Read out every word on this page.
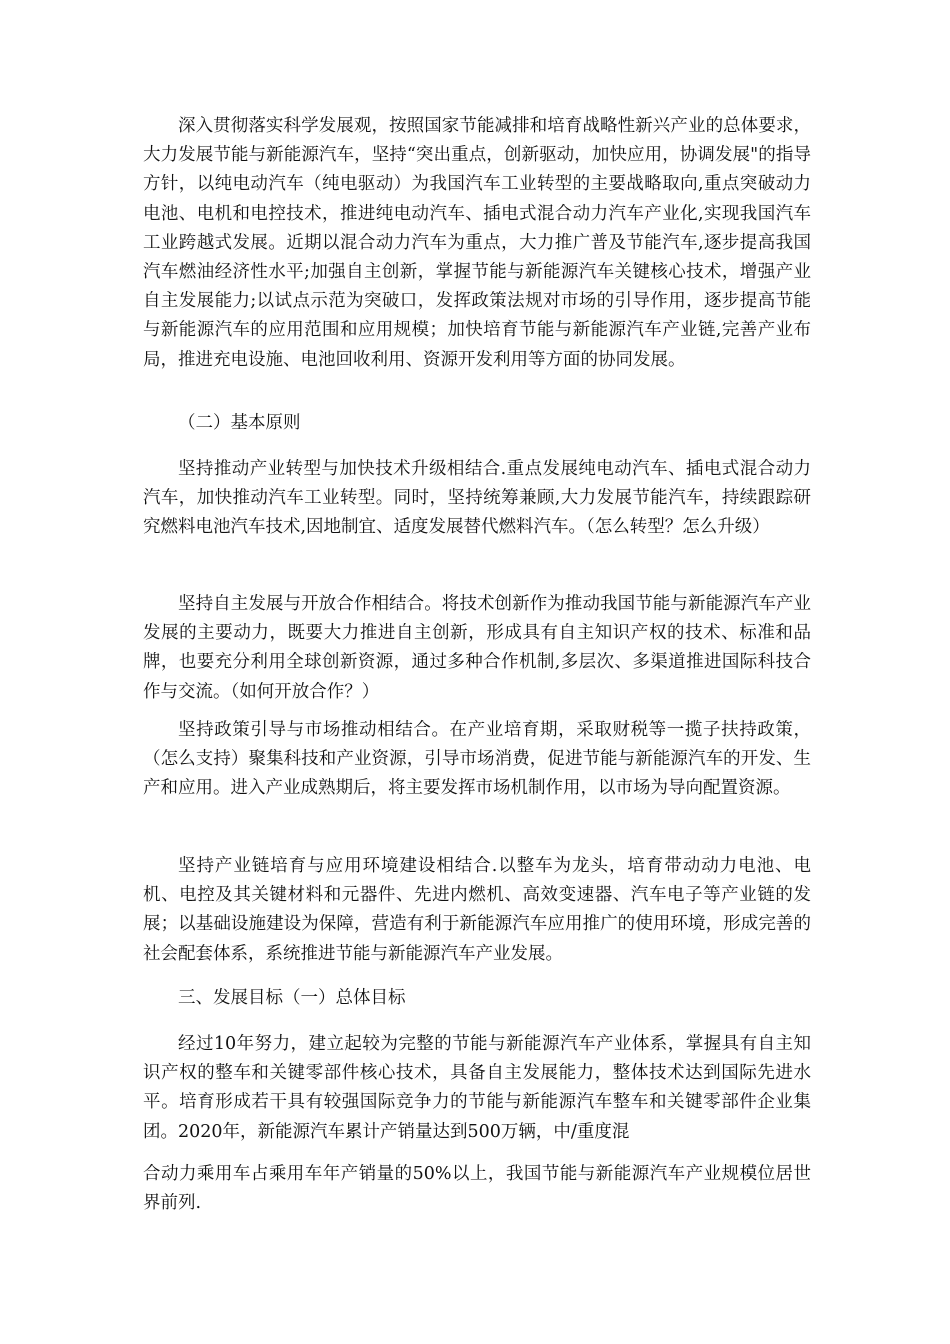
深入贯彻落实科学发展观，按照国家节能减排和培育战略性新兴产业的总体要求，大力发展节能与新能源汽车，坚持“突出重点，创新驱动，加快应用，协调发展"的指导方针，以纯电动汽车（纯电驱动）为我国汽车工业转型的主要战略取向,重点突破动力电池、电机和电控技术，推进纯电动汽车、插电式混合动力汽车产业化,实现我国汽车工业跨越式发展。近期以混合动力汽车为重点，大力推广普及节能汽车,逐步提高我国汽车燃油经济性水平;加强自主创新，掌握节能与新能源汽车关键核心技术，增强产业自主发展能力;以试点示范为突破口，发挥政策法规对市场的引导作用，逐步提高节能与新能源汽车的应用范围和应用规模；加快培育节能与新能源汽车产业链,完善产业布局，推进充电设施、电池回收利用、资源开发利用等方面的协同发展。

（二）基本原则

坚持推动产业转型与加快技术升级相结合.重点发展纯电动汽车、插电式混合动力汽车，加快推动汽车工业转型。同时，坚持统筹兼顾,大力发展节能汽车，持续跟踪研究燃料电池汽车技术,因地制宜、适度发展替代燃料汽车。（怎么转型？怎么升级）

坚持自主发展与开放合作相结合。将技术创新作为推动我国节能与新能源汽车产业发展的主要动力，既要大力推进自主创新，形成具有自主知识产权的技术、标准和品牌，也要充分利用全球创新资源，通过多种合作机制,多层次、多渠道推进国际科技合作与交流。（如何开放合作？）

坚持政策引导与市场推动相结合。在产业培育期，采取财税等一揽子扶持政策，（怎么支持）聚集科技和产业资源，引导市场消费，促进节能与新能源汽车的开发、生产和应用。进入产业成熟期后，将主要发挥市场机制作用，以市场为导向配置资源。

坚持产业链培育与应用环境建设相结合.以整车为龙头，培育带动动力电池、电机、电控及其关键材料和元器件、先进内燃机、高效变速器、汽车电子等产业链的发展；以基础设施建设为保障，营造有利于新能源汽车应用推广的使用环境，形成完善的社会配套体系，系统推进节能与新能源汽车产业发展。

三、发展目标（一）总体目标

经过10年努力，建立起较为完整的节能与新能源汽车产业体系，掌握具有自主知识产权的整车和关键零部件核心技术，具备自主发展能力，整体技术达到国际先进水平。培育形成若干具有较强国际竞争力的节能与新能源汽车整车和关键零部件企业集团。2020年，新能源汽车累计产销量达到500万辆，中/重度混

合动力乘用车占乘用车年产销量的50%以上，我国节能与新能源汽车产业规模位居世界前列.
